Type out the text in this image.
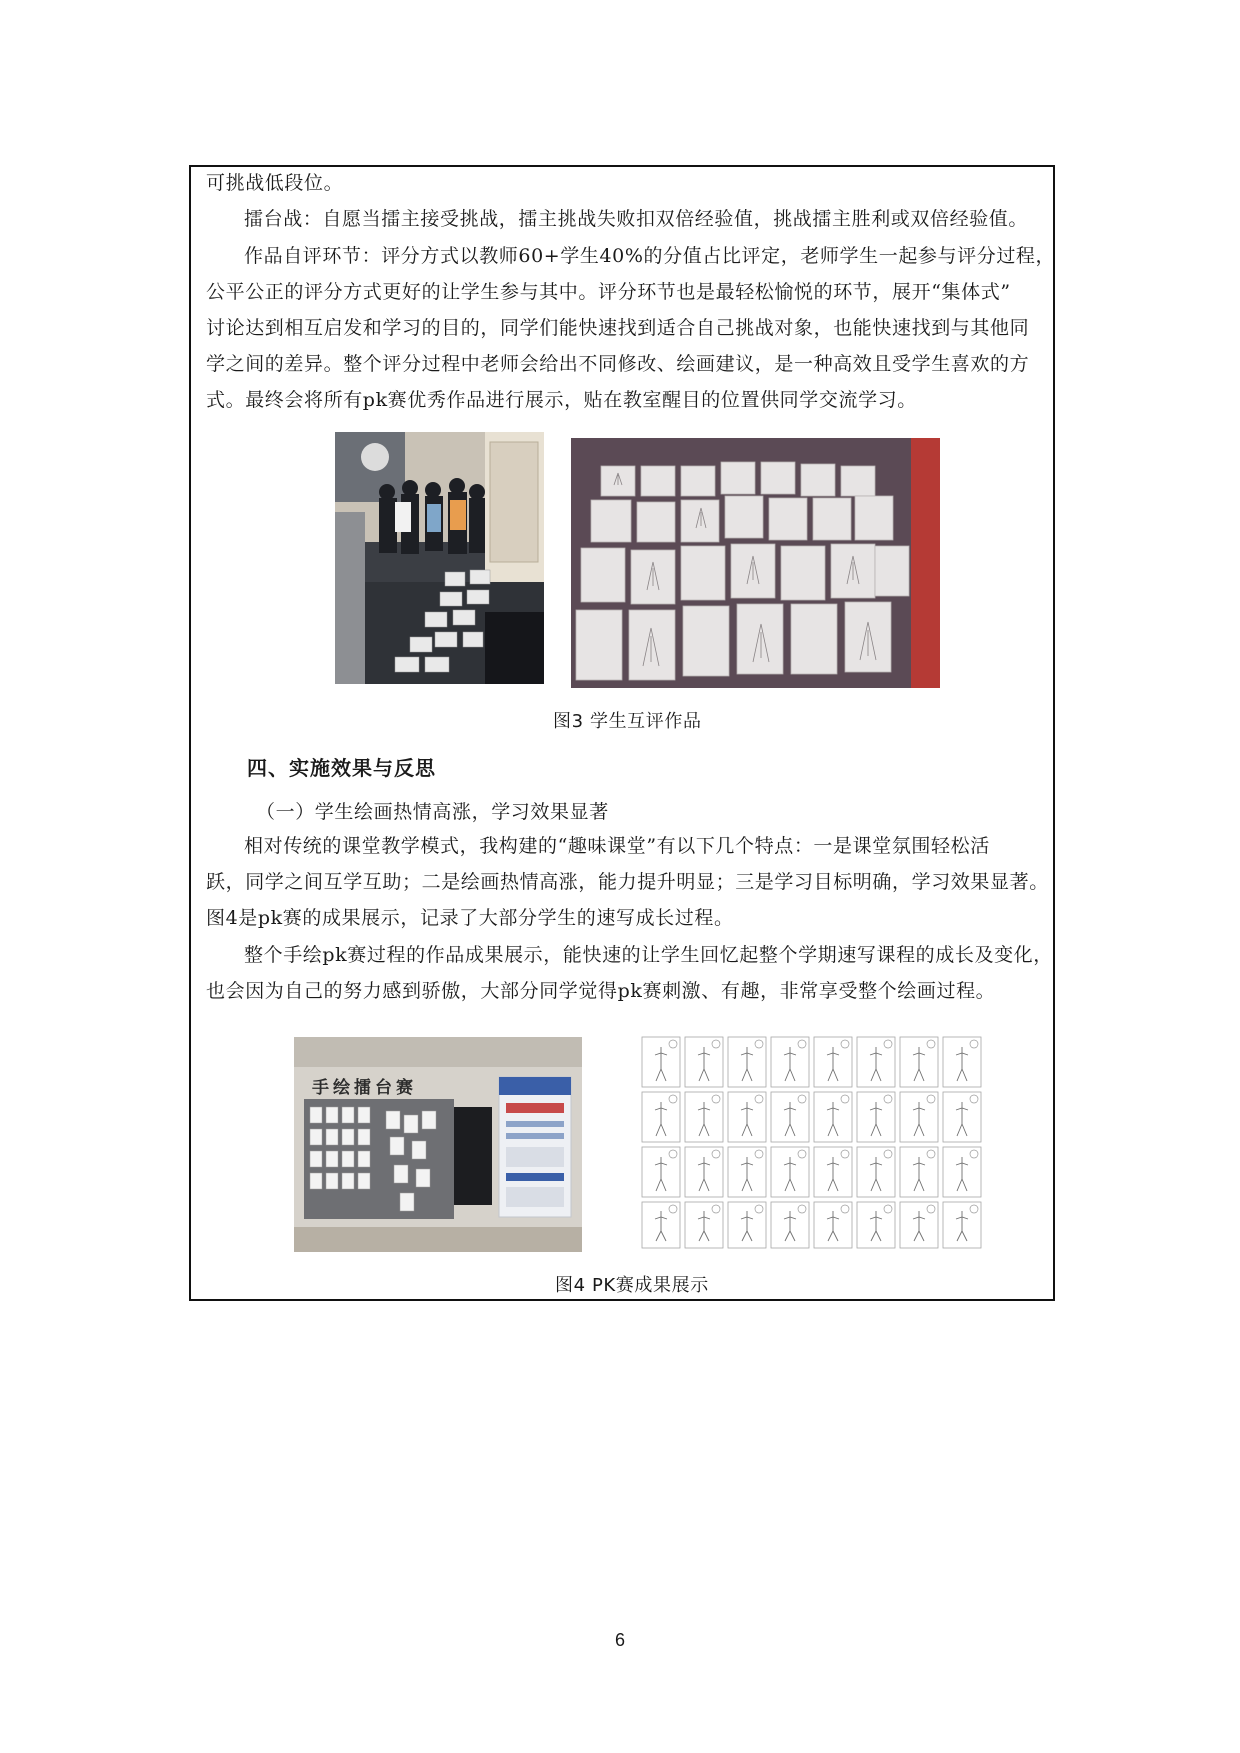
可挑战低段位。
擂台战：自愿当擂主接受挑战，擂主挑战失败扣双倍经验值，挑战擂主胜利或双倍经验值。
作品自评环节：评分方式以教师60+学生40%的分值占比评定，老师学生一起参与评分过程，
公平公正的评分方式更好的让学生参与其中。评分环节也是最轻松愉悦的环节，展开“集体式”
讨论达到相互启发和学习的目的，同学们能快速找到适合自己挑战对象，也能快速找到与其他同
学之间的差异。整个评分过程中老师会给出不同修改、绘画建议，是一种高效且受学生喜欢的方
式。最终会将所有pk赛优秀作品进行展示，贴在教室醒目的位置供同学交流学习。
图3 学生互评作品
四、实施效果与反思
（一）学生绘画热情高涨，学习效果显著
相对传统的课堂教学模式，我构建的“趣味课堂”有以下几个特点：一是课堂氛围轻松活
跃，同学之间互学互助；二是绘画热情高涨，能力提升明显；三是学习目标明确，学习效果显著。
图4是pk赛的成果展示，记录了大部分学生的速写成长过程。
整个手绘pk赛过程的作品成果展示，能快速的让学生回忆起整个学期速写课程的成长及变化，
也会因为自己的努力感到骄傲，大部分同学觉得pk赛刺激、有趣，非常享受整个绘画过程。
手绘擂台赛
图4 PK赛成果展示
6
